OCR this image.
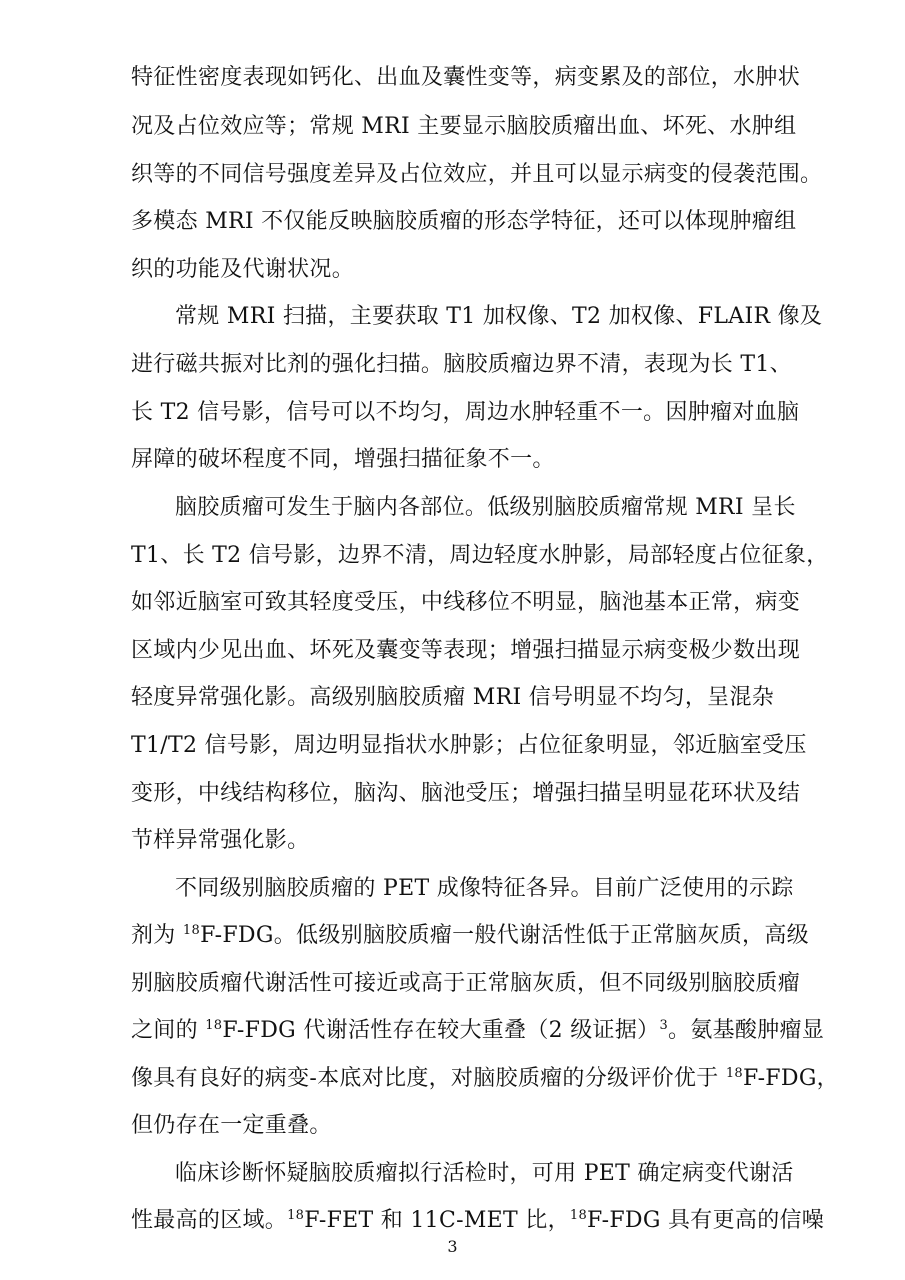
特征性密度表现如钙化、出血及囊性变等，病变累及的部位，水肿状
况及占位效应等；常规 MRI 主要显示脑胶质瘤出血、坏死、水肿组
织等的不同信号强度差异及占位效应，并且可以显示病变的侵袭范围。
多模态 MRI 不仅能反映脑胶质瘤的形态学特征，还可以体现肿瘤组
织的功能及代谢状况。
常规 MRI 扫描，主要获取 T1 加权像、T2 加权像、FLAIR 像及
进行磁共振对比剂的强化扫描。脑胶质瘤边界不清，表现为长 T1、
长 T2 信号影，信号可以不均匀，周边水肿轻重不一。因肿瘤对血脑
屏障的破坏程度不同，增强扫描征象不一。
脑胶质瘤可发生于脑内各部位。低级别脑胶质瘤常规 MRI 呈长
T1、长 T2 信号影，边界不清，周边轻度水肿影，局部轻度占位征象，
如邻近脑室可致其轻度受压，中线移位不明显，脑池基本正常，病变
区域内少见出血、坏死及囊变等表现；增强扫描显示病变极少数出现
轻度异常强化影。高级别脑胶质瘤 MRI 信号明显不均匀，呈混杂
T1/T2 信号影，周边明显指状水肿影；占位征象明显，邻近脑室受压
变形，中线结构移位，脑沟、脑池受压；增强扫描呈明显花环状及结
节样异常强化影。
不同级别脑胶质瘤的 PET 成像特征各异。目前广泛使用的示踪
剂为 $^{18}$F-FDG。低级别脑胶质瘤一般代谢活性低于正常脑灰质，高级
别脑胶质瘤代谢活性可接近或高于正常脑灰质，但不同级别脑胶质瘤
之间的 $^{18}$F-FDG 代谢活性存在较大重叠（2 级证据）$^3$。氨基酸肿瘤显
像具有良好的病变-本底对比度，对脑胶质瘤的分级评价优于 $^{18}$F-FDG，
但仍存在一定重叠。
临床诊断怀疑脑胶质瘤拟行活检时，可用 PET 确定病变代谢活
性最高的区域。$^{18}$F-FET 和 11C-MET 比，$^{18}$F-FDG 具有更高的信噪
3
